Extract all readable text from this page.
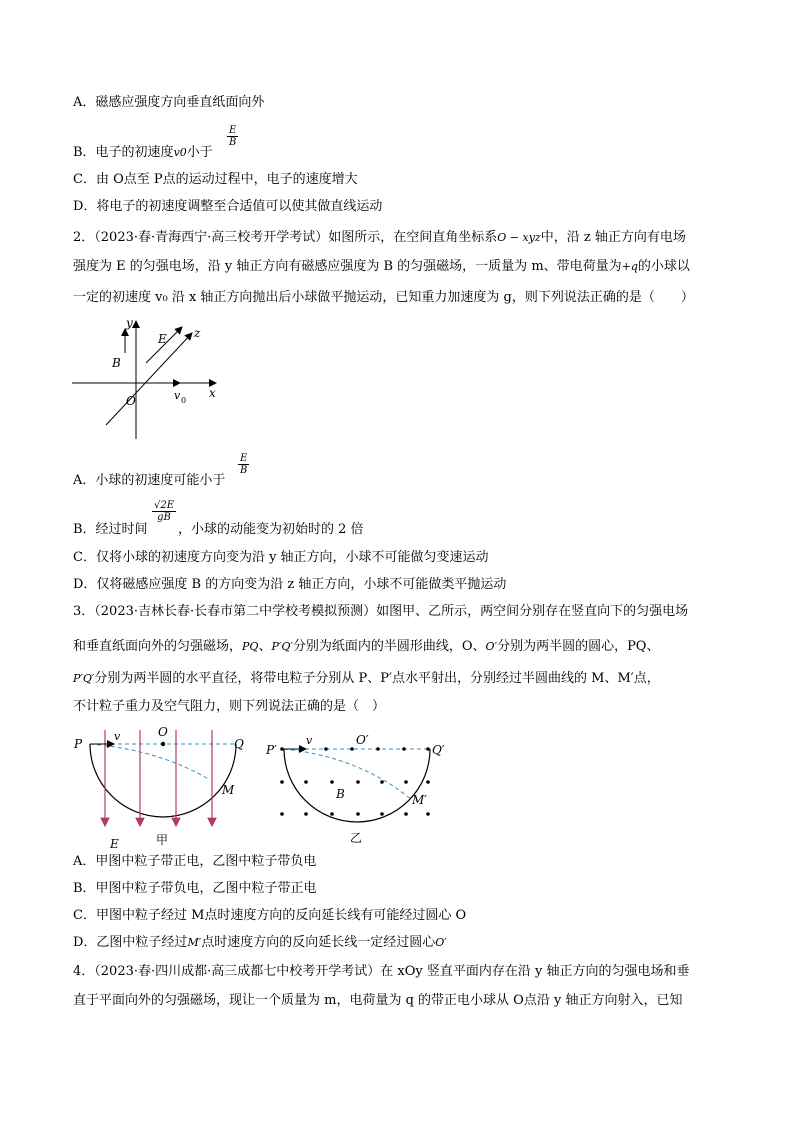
A．磁感应强度方向垂直纸面向外
B．电子的初速度v0小于
$\frac{E}{B}$
C．由 O点至 P点的运动过程中，电子的速度增大
D．将电子的初速度调整至合适值可以使其做直线运动
2．（2023·春·青海西宁·高三校考开学考试）如图所示，在空间直角坐标系O − xyz中，沿 z 轴正方向有电场
强度为 E 的匀强电场，沿 y 轴正方向有磁感应强度为 B 的匀强磁场，一质量为 m、带电荷量为+q的小球以
一定的初速度 v₀ 沿 x 轴正方向抛出后小球做平抛运动，已知重力加速度为 g，则下列说法正确的是（　　）
y
z
x
E
B
O	v 0
A．小球的初速度可能小于
$\frac{E}{B}$
B．经过时间
$\frac{√2E}{gB}$
，小球的动能变为初始时的 2 倍
C．仅将小球的初速度方向变为沿 y 轴正方向，小球不可能做匀变速运动
D．仅将磁感应强度 B 的方向变为沿 z 轴正方向，小球不可能做类平抛运动
3．（2023·吉林长春·长春市第二中学校考模拟预测）如图甲、乙所示，两空间分别存在竖直向下的匀强电场
和垂直纸面向外的匀强磁场，PQ、P′Q′分别为纸面内的半圆形曲线，O、O′分别为两半圆的圆心，PQ、
P′Q′分别为两半圆的水平直径，将带电粒子分别从 P、P′点水平射出，分别经过半圆曲线的 M、M′点，
不计粒子重力及空气阻力，则下列说法正确的是（　）
P
v	O
Q
M
E	甲
P′
v	O′
Q′
B	M′
乙
A．甲图中粒子带正电，乙图中粒子带负电
B．甲图中粒子带负电，乙图中粒子带正电
C．甲图中粒子经过 M点时速度方向的反向延长线有可能经过圆心 O
D．乙图中粒子经过M′点时速度方向的反向延长线一定经过圆心O′
4．（2023·春·四川成都·高三成都七中校考开学考试）在 xOy 竖直平面内存在沿 y 轴正方向的匀强电场和垂
直于平面向外的匀强磁场，现让一个质量为 m，电荷量为 q 的带正电小球从 O点沿 y 轴正方向射入，已知
